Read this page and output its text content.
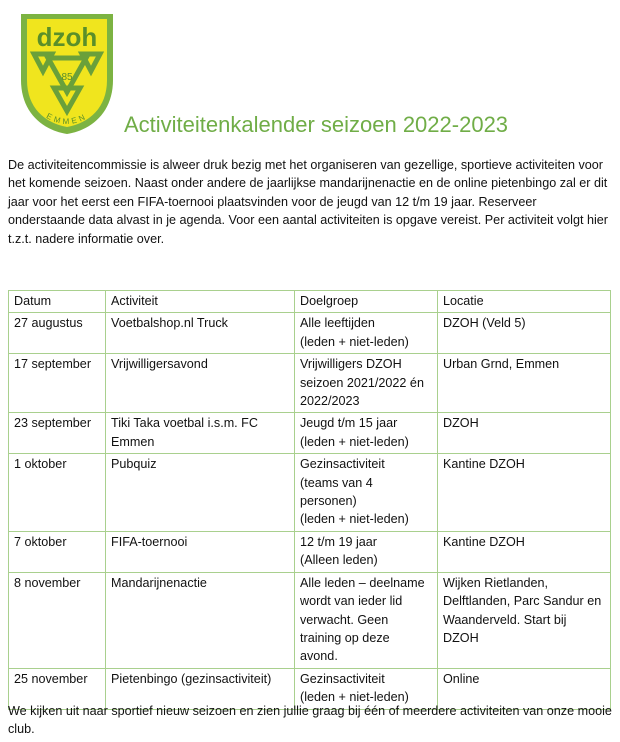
dzoh
85
EMMEN Activiteitenkalender seizoen 2022-2023

De activiteitencommissie is alweer druk bezig met het organiseren van gezellige, sportieve activiteiten voor het komende seizoen. Naast onder andere de jaarlijkse mandarijnenactie en de online pietenbingo zal er dit jaar voor het eerst een FIFA-toernooi plaatsvinden voor de jeugd van 12 t/m 19 jaar. Reserveer onderstaande data alvast in je agenda. Voor een aantal activiteiten is opgave vereist. Per activiteit volgt hier t.z.t. nadere informatie over.

Datum	Activiteit	Doelgroep	Locatie
27 augustus	Voetbalshop.nl Truck	Alle leeftijden
(leden + niet-leden)	DZOH (Veld 5)

17 september	Vrijwilligersavond	Vrijwilligers DZOH
seizoen 2021/2022 én
2022/2023	Urban Grnd, Emmen

23 september	Tiki Taka voetbal i.s.m. FC
Emmen	Jeugd t/m 15 jaar
(leden + niet-leden)	DZOH

1 oktober	Pubquiz	Gezinsactiviteit
(teams van 4
personen)
(leden + niet-leden)	Kantine DZOH

7 oktober	FIFA-toernooi	12 t/m 19 jaar
(Alleen leden)	Kantine DZOH

8 november	Mandarijnenactie	Alle leden – deelname
wordt van ieder lid
verwacht. Geen
training op deze
avond.	Wijken Rietlanden,
Delftlanden, Parc Sandur en
Waanderveld. Start bij
DZOH

25 november	Pietenbingo (gezinsactiviteit)	Gezinsactiviteit
(leden + niet-leden)	Online

We kijken uit naar sportief nieuw seizoen en zien jullie graag bij één of meerdere activiteiten van onze mooie club.
